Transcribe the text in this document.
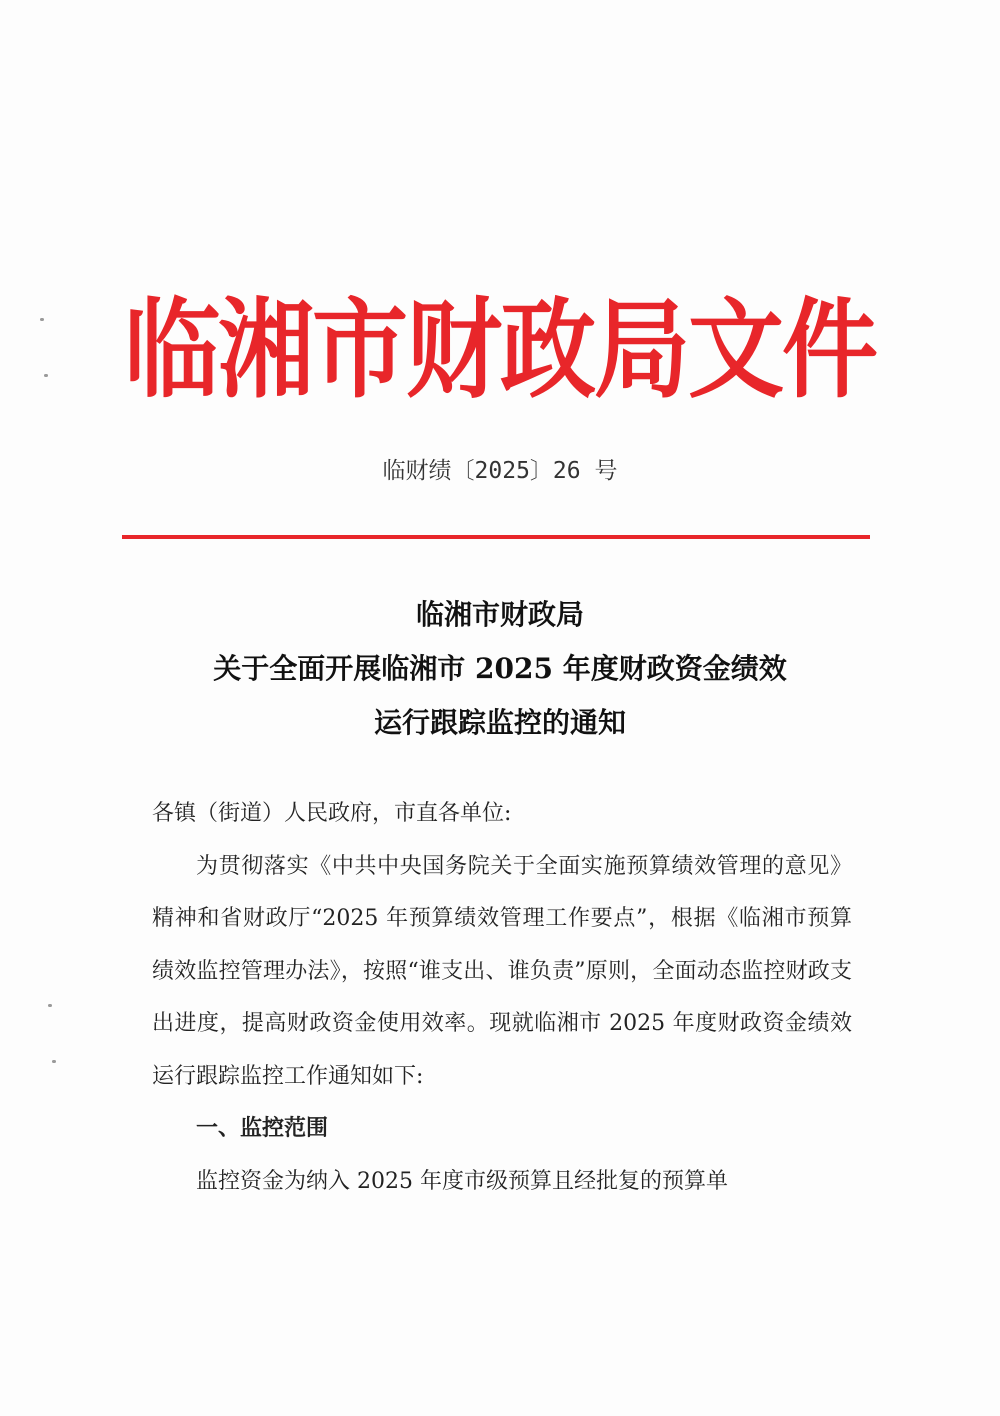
临湘市财政局文件
临财绩〔2025〕26 号
临湘市财政局
关于全面开展临湘市 2025 年度财政资金绩效
运行跟踪监控的通知

各镇（街道）人民政府，市直各单位:

为贯彻落实《中共中央国务院关于全面实施预算绩效管理的意见》精神和省财政厅“2025 年预算绩效管理工作要点”，根据《临湘市预算绩效监控管理办法》，按照“谁支出、谁负责”原则，全面动态监控财政支出进度，提高财政资金使用效率。现就临湘市 2025 年度财政资金绩效运行跟踪监控工作通知如下:

一、监控范围

监控资金为纳入 2025 年度市级预算且经批复的预算单
